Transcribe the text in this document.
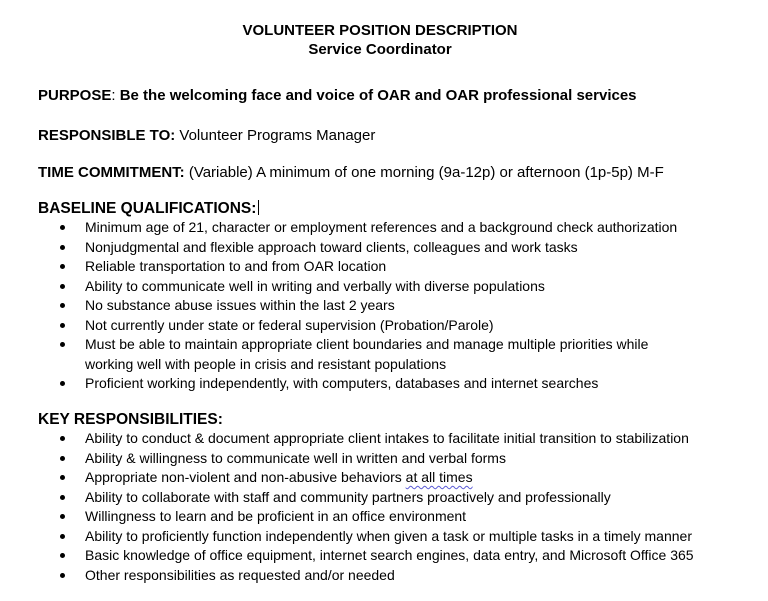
VOLUNTEER POSITION DESCRIPTION
Service Coordinator
PURPOSE: Be the welcoming face and voice of OAR and OAR professional services
RESPONSIBLE TO: Volunteer Programs Manager
TIME COMMITMENT: (Variable) A minimum of one morning (9a-12p) or afternoon (1p-5p) M-F
BASELINE QUALIFICATIONS:
Minimum age of 21, character or employment references and a background check authorization
Nonjudgmental and flexible approach toward clients, colleagues and work tasks
Reliable transportation to and from OAR location
Ability to communicate well in writing and verbally with diverse populations
No substance abuse issues within the last 2 years
Not currently under state or federal supervision (Probation/Parole)
Must be able to maintain appropriate client boundaries and manage multiple priorities while working well with people in crisis and resistant populations
Proficient working independently, with computers, databases and internet searches
KEY RESPONSIBILITIES:
Ability to conduct & document appropriate client intakes to facilitate initial transition to stabilization
Ability & willingness to communicate well in written and verbal forms
Appropriate non-violent and non-abusive behaviors at all times
Ability to collaborate with staff and community partners proactively and professionally
Willingness to learn and be proficient in an office environment
Ability to proficiently function independently when given a task or multiple tasks in a timely manner
Basic knowledge of office equipment, internet search engines, data entry, and Microsoft Office 365
Other responsibilities as requested and/or needed
